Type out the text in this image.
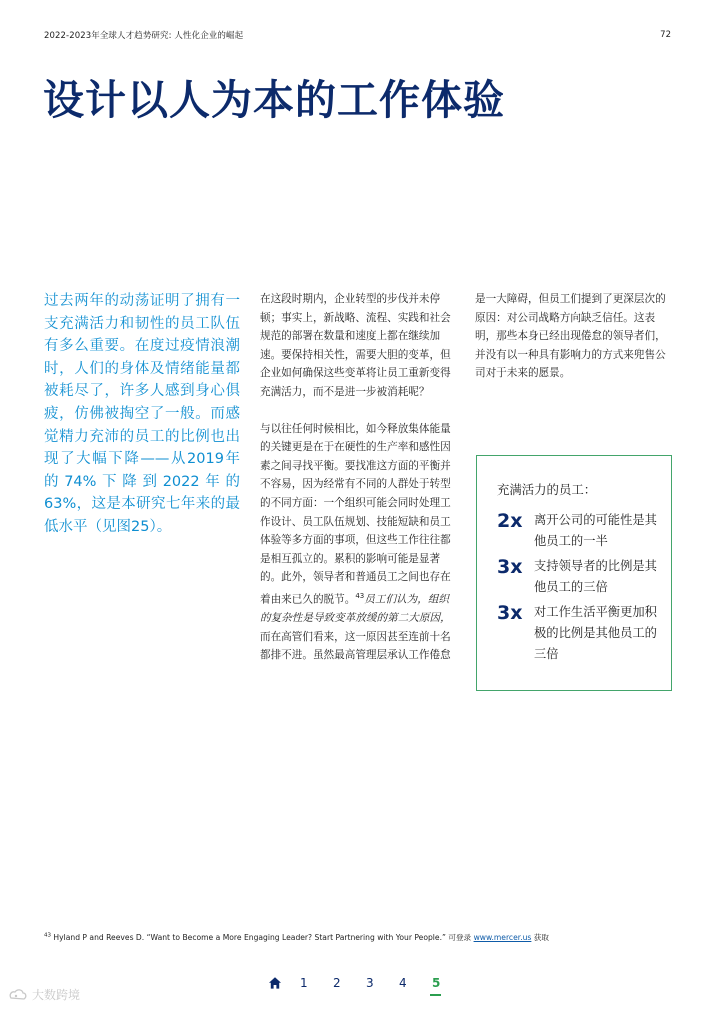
2022-2023年全球人才趋势研究: 人性化企业的崛起	72
设计以人为本的工作体验

过去两年的动荡证明了拥有一支充满活力和韧性的员工队伍有多么重要。在度过疫情浪潮时，人们的身体及情绪能量都被耗尽了，许多人感到身心俱疲，仿佛被掏空了一般。而感觉精力充沛的员工的比例也出现了大幅下降——从2019年的74%下降到2022年的63%，这是本研究七年来的最低水平（见图25）。

在这段时期内，企业转型的步伐并未停顿；事实上，新战略、流程、实践和社会规范的部署在数量和速度上都在继续加速。要保持相关性，需要大胆的变革，但企业如何确保这些变革将让员工重新变得充满活力，而不是进一步被消耗呢？

与以往任何时候相比，如今释放集体能量的关键更是在于在硬性的生产率和感性因素之间寻找平衡。要找准这方面的平衡并不容易，因为经常有不同的人群处于转型的不同方面：一个组织可能会同时处理工作设计、员工队伍规划、技能短缺和员工体验等多方面的事项，但这些工作往往都是相互孤立的。累积的影响可能是显著的。此外，领导者和普通员工之间也存在着由来已久的脱节。$^{43}$员工们认为，组织的复杂性是导致变革放缓的第二大原因，而在高管们看来，这一原因甚至连前十名都排不进。虽然最高管理层承认工作倦怠

是一大障碍，但员工们提到了更深层次的原因：对公司战略方向缺乏信任。这表明，那些本身已经出现倦怠的领导者们，并没有以一种具有影响力的方式来兜售公司对于未来的愿景。

充满活力的员工：
2x 离开公司的可能性是其他员工的一半
3x 支持领导者的比例是其他员工的三倍
3x 对工作生活平衡更加积极的比例是其他员工的三倍
$^{43}$ Hyland P and Reeves D. “Want to Become a More Engaging Leader? Start Partnering with Your People.” 可登录 www.mercer.us 获取
1	2	3	4	5
大数跨境
